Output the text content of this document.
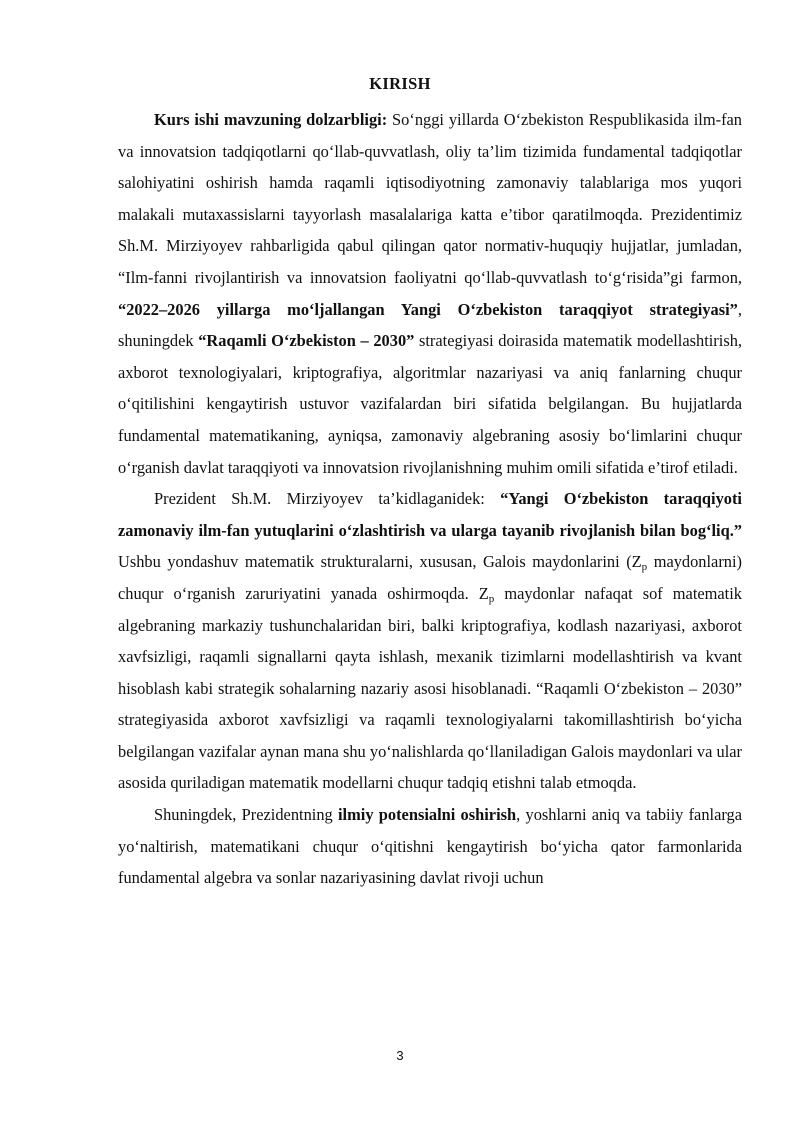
KIRISH

Kurs ishi mavzuning dolzarbligi: So‘nggi yillarda O‘zbekiston Respublikasida ilm-fan va innovatsion tadqiqotlarni qo‘llab-quvvatlash, oliy ta’lim tizimida fundamental tadqiqotlar salohiyatini oshirish hamda raqamli iqtisodiyotning zamonaviy talablariga mos yuqori malakali mutaxassislarni tayyorlash masalalariga katta e’tibor qaratilmoqda. Prezidentimiz Sh.M. Mirziyoyev rahbarligida qabul qilingan qator normativ-huquqiy hujjatlar, jumladan, “Ilm-fanni rivojlantirish va innovatsion faoliyatni qo‘llab-quvvatlash to‘g‘risida”gi farmon, “2022–2026 yillarga mo‘ljallangan Yangi O‘zbekiston taraqqiyot strategiyasi”, shuningdek “Raqamli O‘zbekiston – 2030” strategiyasi doirasida matematik modellashtirish, axborot texnologiyalari, kriptografiya, algoritmlar nazariyasi va aniq fanlarning chuqur o‘qitilishini kengaytirish ustuvor vazifalardan biri sifatida belgilangan. Bu hujjatlarda fundamental matematikaning, ayniqsa, zamonaviy algebraning asosiy bo‘limlarini chuqur o‘rganish davlat taraqqiyoti va innovatsion rivojlanishning muhim omili sifatida e’tirof etiladi.

Prezident Sh.M. Mirziyoyev ta’kidlaganidek: “Yangi O‘zbekiston taraqqiyoti zamonaviy ilm-fan yutuqlarini o‘zlashtirish va ularga tayanib rivojlanish bilan bog‘liq.” Ushbu yondashuv matematik strukturalarni, xususan, Galois maydonlarini ($Z_p$ maydonlarni) chuqur o‘rganish zaruriyatini yanada oshirmoqda. $Z_p$ maydonlar nafaqat sof matematik algebraning markaziy tushunchalaridan biri, balki kriptografiya, kodlash nazariyasi, axborot xavfsizligi, raqamli signallarni qayta ishlash, mexanik tizimlarni modellashtirish va kvant hisoblash kabi strategik sohalarning nazariy asosi hisoblanadi. “Raqamli O‘zbekiston – 2030” strategiyasida axborot xavfsizligi va raqamli texnologiyalarni takomillashtirish bo‘yicha belgilangan vazifalar aynan mana shu yo‘nalishlarda qo‘llaniladigan Galois maydonlari va ular asosida quriladigan matematik modellarni chuqur tadqiq etishni talab etmoqda.

Shuningdek, Prezidentning ilmiy potensialni oshirish, yoshlarni aniq va tabiiy fanlarga yo‘naltirish, matematikani chuqur o‘qitishni kengaytirish bo‘yicha qator farmonlarida fundamental algebra va sonlar nazariyasining davlat rivoji uchun

3
